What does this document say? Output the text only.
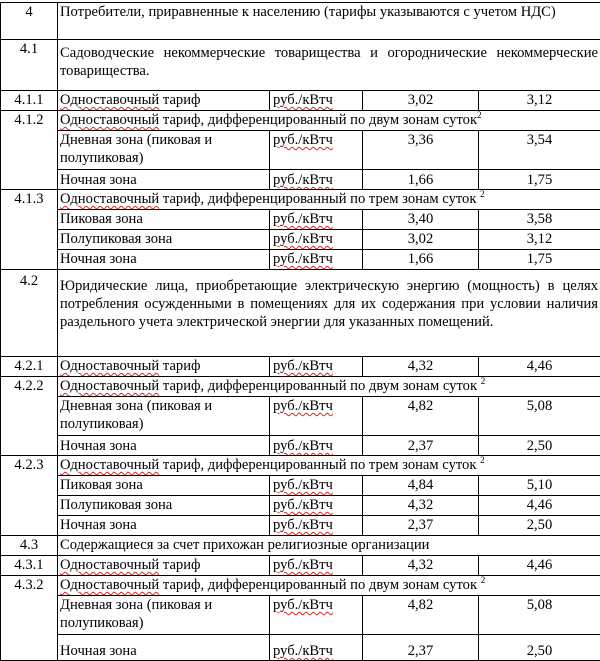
4	Потребители, приравненные к населению (тарифы указываются с учетом НДС)			
4.1	Садоводческие некоммерческие товарищества и огороднические некоммерческие товарищества.			
4.1.1	Одноставочный тариф	руб./кВтч	3,02	3,12
4.1.2	Одноставочный тариф, дифференцированный по двум зонам суток$^2$
	Дневная зона (пиковая и полупиковая)	руб./кВтч	3,36	3,54
	Ночная зона	руб./кВтч	1,66	1,75
4.1.3	Одноставочный тариф, дифференцированный по трем зонам суток $^2$
	Пиковая зона	руб./кВтч	3,40	3,58
	Полупиковая зона	руб./кВтч	3,02	3,12
	Ночная зона	руб./кВтч	1,66	1,75
4.2	Юридические лица, приобретающие электрическую энергию (мощность) в целях потребления осужденными в помещениях для их содержания при условии наличия раздельного учета электрической энергии для указанных помещений.			
4.2.1	Одноставочный тариф	руб./кВтч	4,32	4,46
4.2.2	Одноставочный тариф, дифференцированный по двум зонам суток $^2$
	Дневная зона (пиковая и полупиковая)	руб./кВтч	4,82	5,08
	Ночная зона	руб./кВтч	2,37	2,50
4.2.3	Одноставочный тариф, дифференцированный по трем зонам суток $^2$
	Пиковая зона	руб./кВтч	4,84	5,10
	Полупиковая зона	руб./кВтч	4,32	4,46
	Ночная зона	руб./кВтч	2,37	2,50
4.3	Содержащиеся за счет прихожан религиозные организации			
4.3.1	Одноставочный тариф	руб./кВтч	4,32	4,46
4.3.2	Одноставочный тариф, дифференцированный по двум зонам суток $^2$
	Дневная зона (пиковая и полупиковая)	руб./кВтч	4,82	5,08
	Ночная зона	руб./кВтч	2,37	2,50
